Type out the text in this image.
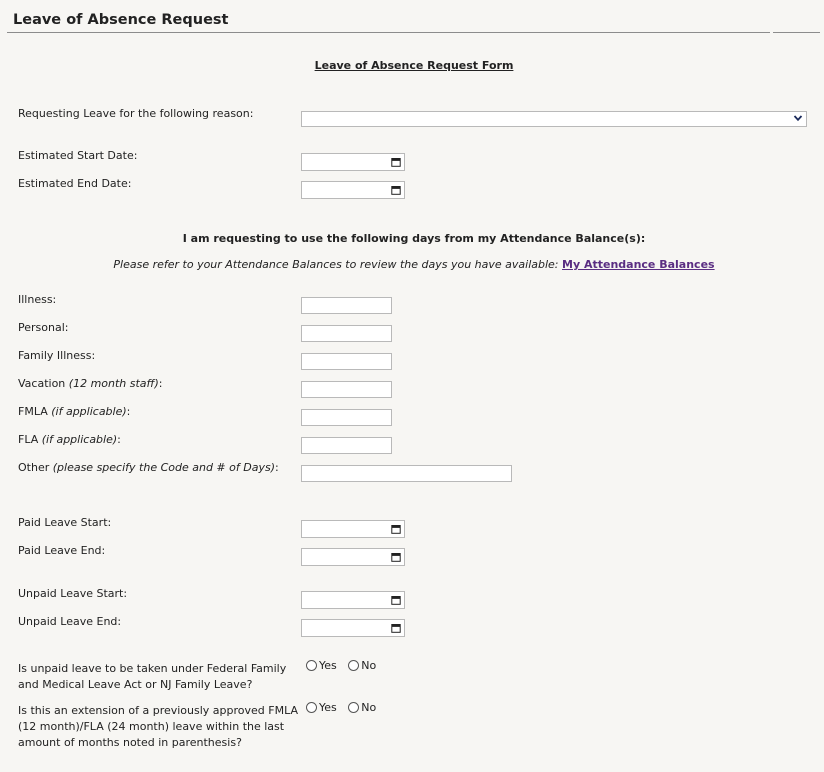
Leave of Absence Request
Leave of Absence Request Form
Requesting Leave for the following reason:
Estimated Start Date:
Estimated End Date:
I am requesting to use the following days from my Attendance Balance(s):
Please refer to your Attendance Balances to review the days you have available: My Attendance Balances
Illness:
Personal:
Family Illness:
Vacation (12 month staff):
FMLA (if applicable):
FLA (if applicable):
Other (please specify the Code and # of Days):
Paid Leave Start:
Paid Leave End:
Unpaid Leave Start:
Unpaid Leave End:
Is unpaid leave to be taken under Federal Family and Medical Leave Act or NJ Family Leave?
Yes
No
Is this an extension of a previously approved FMLA (12 month)/FLA (24 month) leave within the last amount of months noted in parenthesis?
Yes
No
